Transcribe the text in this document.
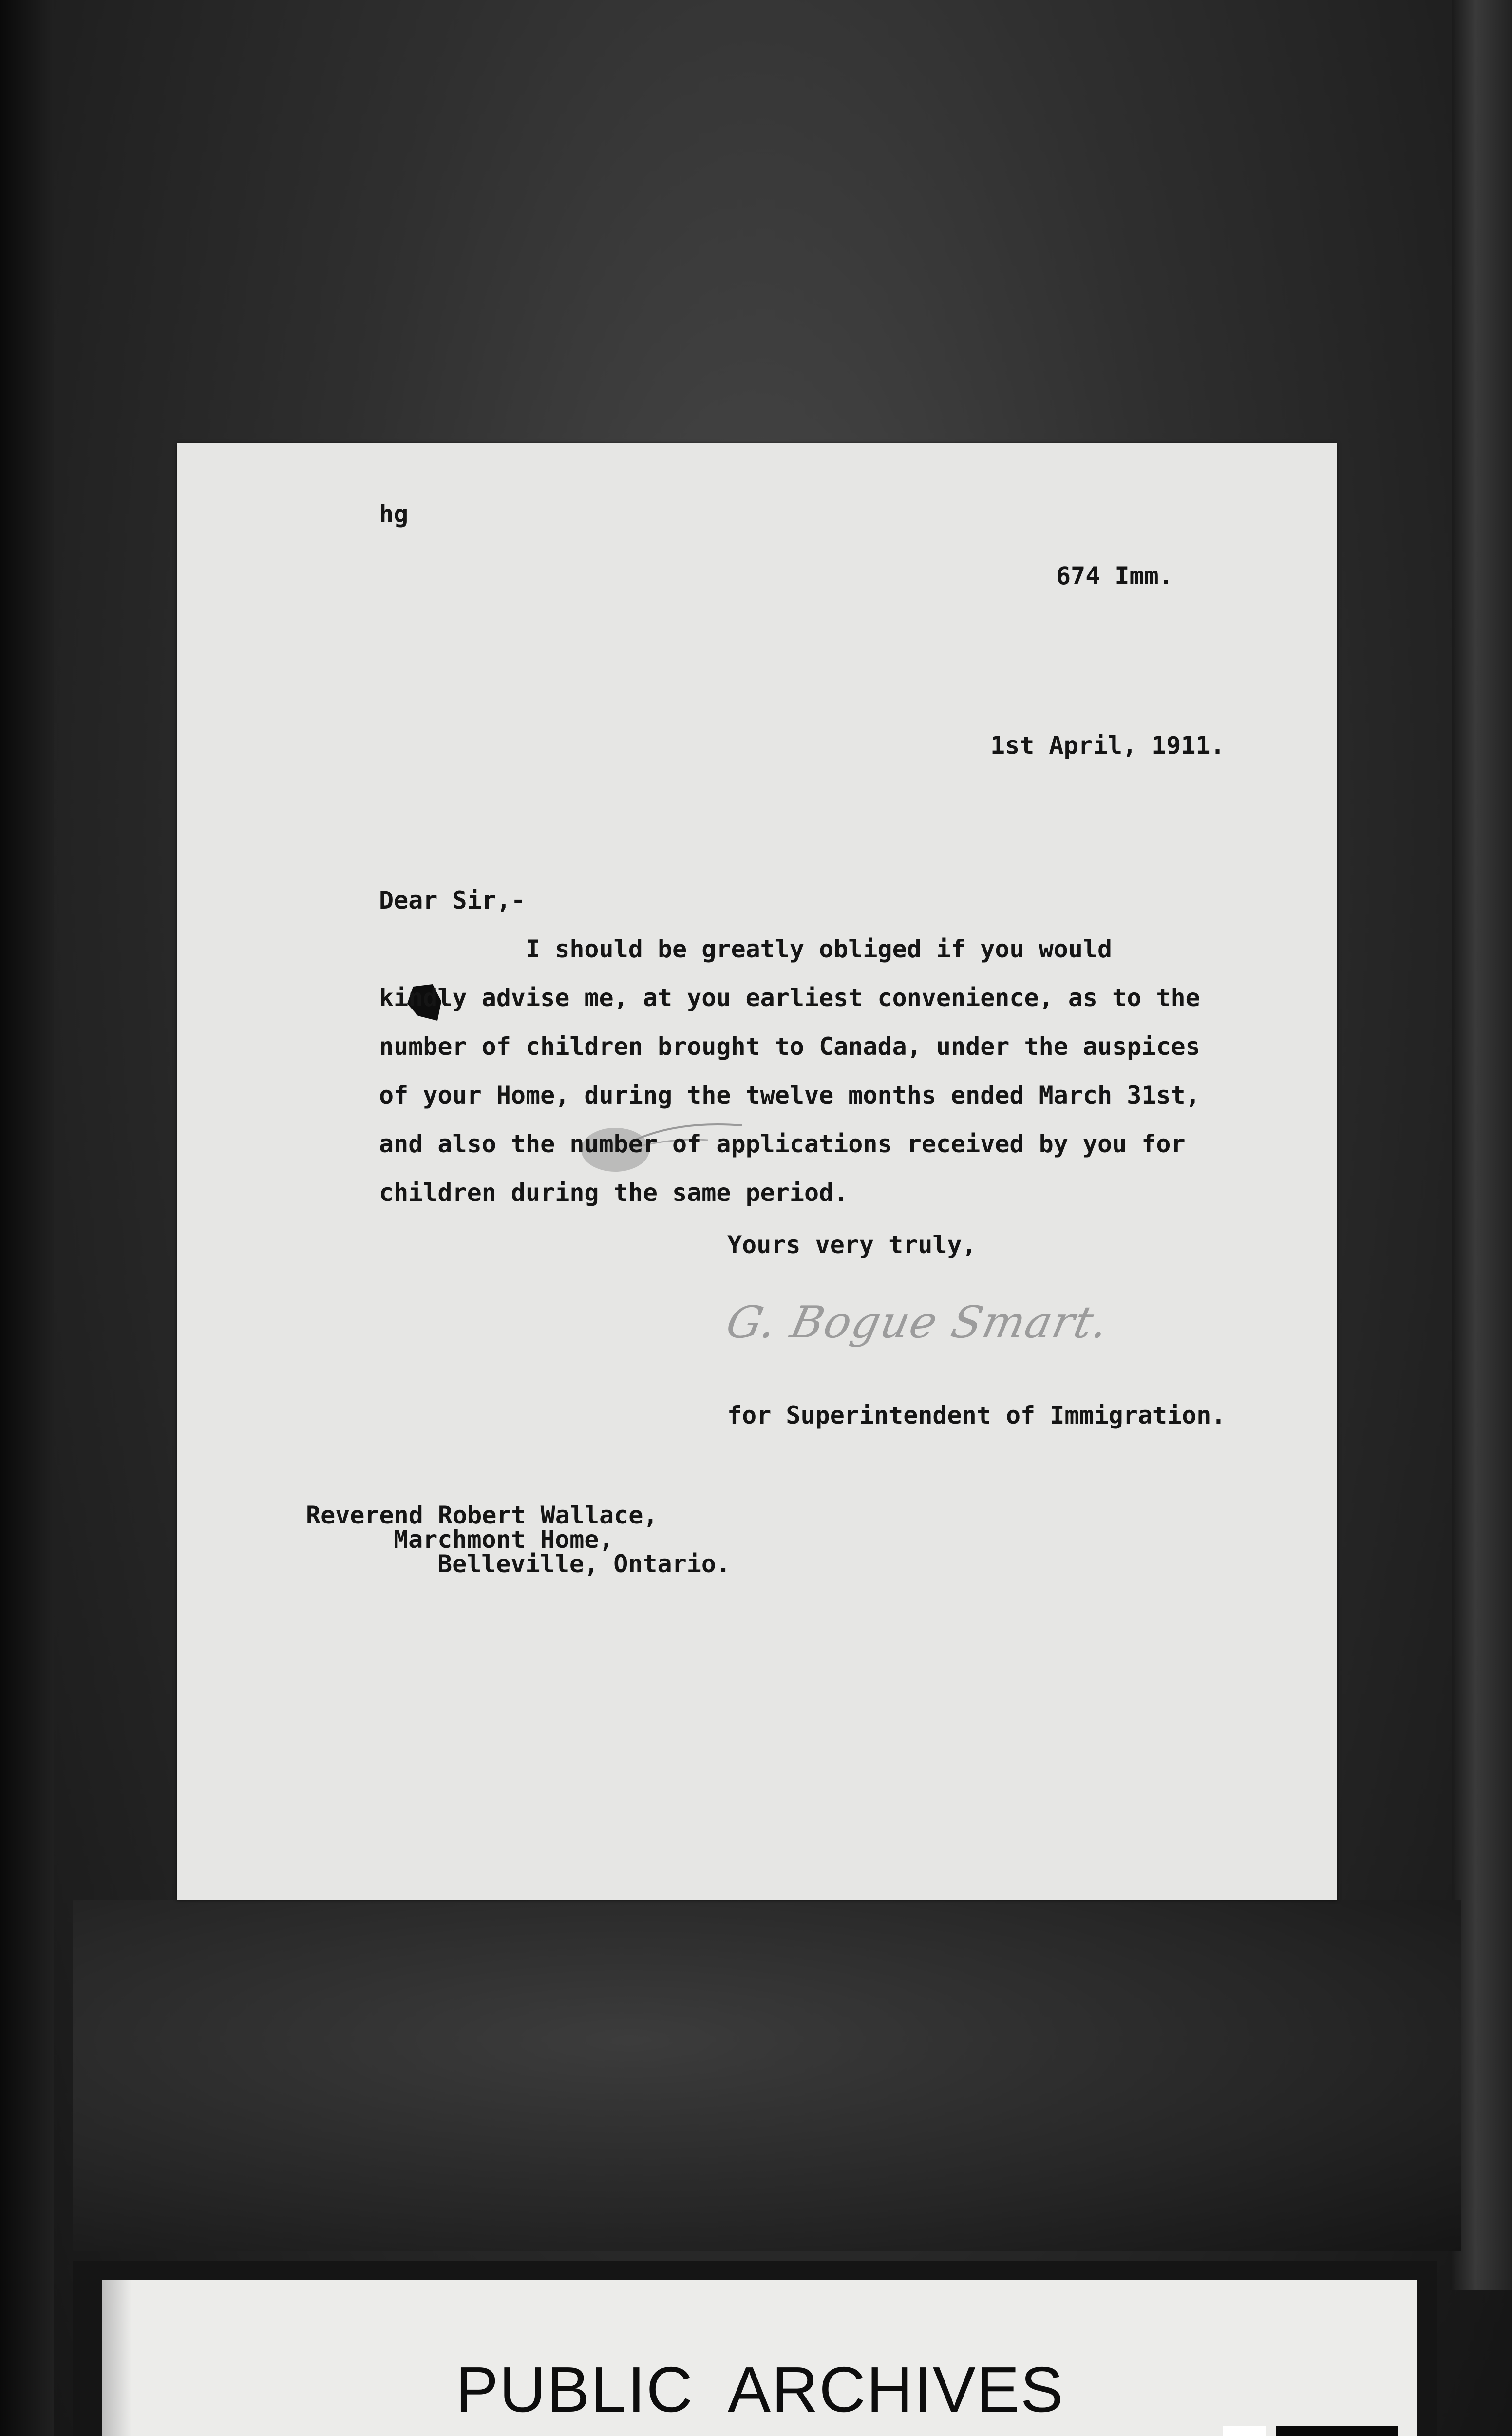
hg
674 Imm.
1st April, 1911.
Dear Sir,-
I should be greatly obliged if you would
kindly advise me, at you earliest convenience, as to the
number of children brought to Canada, under the auspices
of your Home, during the twelve months ended March 31st,
and also the number of applications received by you for
children during the same period.
Yours very truly,
G. Bogue Smart.
for Superintendent of Immigration.
Reverend Robert Wallace,
Marchmont Home,
Belleville, Ontario.
PUBLIC  ARCHIVES
